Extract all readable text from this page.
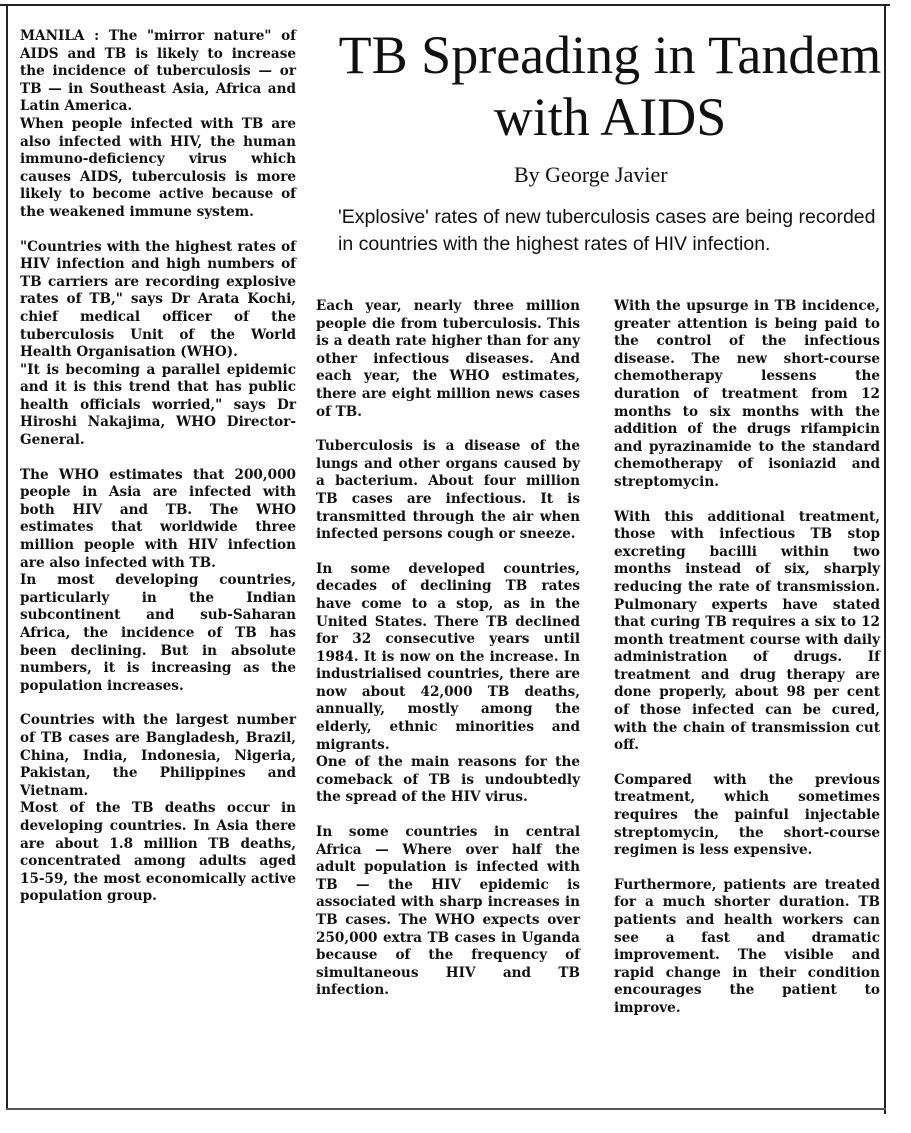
TB Spreading in Tandem with AIDS
By George Javier
'Explosive' rates of new tuberculosis cases are being recorded in countries with the highest rates of HIV infection.

MANILA : The "mirror nature" of AIDS and TB is likely to increase the incidence of tuberculosis — or TB — in Southeast Asia, Africa and Latin America.

When people infected with TB are also infected with HIV, the human immuno-deficiency virus which causes AIDS, tuberculosis is more likely to become active because of the weakened immune system.

"Countries with the highest rates of HIV infection and high numbers of TB carriers are recording explosive rates of TB," says Dr Arata Kochi, chief medical officer of the tuberculosis Unit of the World Health Organisation (WHO).

"It is becoming a parallel epidemic and it is this trend that has public health officials worried," says Dr Hiroshi Nakajima, WHO Director-General.

The WHO estimates that 200,000 people in Asia are infected with both HIV and TB. The WHO estimates that worldwide three million people with HIV infection are also infected with TB.

In most developing countries, particularly in the Indian subcontinent and sub-Saharan Africa, the incidence of TB has been declining. But in absolute numbers, it is increasing as the population increases.

Countries with the largest number of TB cases are Bangladesh, Brazil, China, India, Indonesia, Nigeria, Pakistan, the Philippines and Vietnam.

Most of the TB deaths occur in developing countries. In Asia there are about 1.8 million TB deaths, concentrated among adults aged 15-59, the most economically active population group.

Each year, nearly three million people die from tuberculosis. This is a death rate higher than for any other infectious diseases. And each year, the WHO estimates, there are eight million news cases of TB.

Tuberculosis is a disease of the lungs and other organs caused by a bacterium. About four million TB cases are infectious. It is transmitted through the air when infected persons cough or sneeze.

In some developed countries, decades of declining TB rates have come to a stop, as in the United States. There TB declined for 32 consecutive years until 1984. It is now on the increase. In industrialised countries, there are now about 42,000 TB deaths, annually, mostly among the elderly, ethnic minorities and migrants.

One of the main reasons for the comeback of TB is undoubtedly the spread of the HIV virus.

In some countries in central Africa — Where over half the adult population is infected with TB — the HIV epidemic is associated with sharp increases in TB cases. The WHO expects over 250,000 extra TB cases in Uganda because of the frequency of simultaneous HIV and TB infection.

With the upsurge in TB incidence, greater attention is being paid to the control of the infectious disease. The new short-course chemotherapy lessens the duration of treatment from 12 months to six months with the addition of the drugs rifampicin and pyrazinamide to the standard chemotherapy of isoniazid and streptomycin.

With this additional treatment, those with infectious TB stop excreting bacilli within two months instead of six, sharply reducing the rate of transmission. Pulmonary experts have stated that curing TB requires a six to 12 month treatment course with daily administration of drugs. If treatment and drug therapy are done properly, about 98 per cent of those infected can be cured, with the chain of transmission cut off.

Compared with the previous treatment, which sometimes requires the painful injectable streptomycin, the short-course regimen is less expensive.

Furthermore, patients are treated for a much shorter duration. TB patients and health workers can see a fast and dramatic improvement. The visible and rapid change in their condition encourages the patient to improve.
